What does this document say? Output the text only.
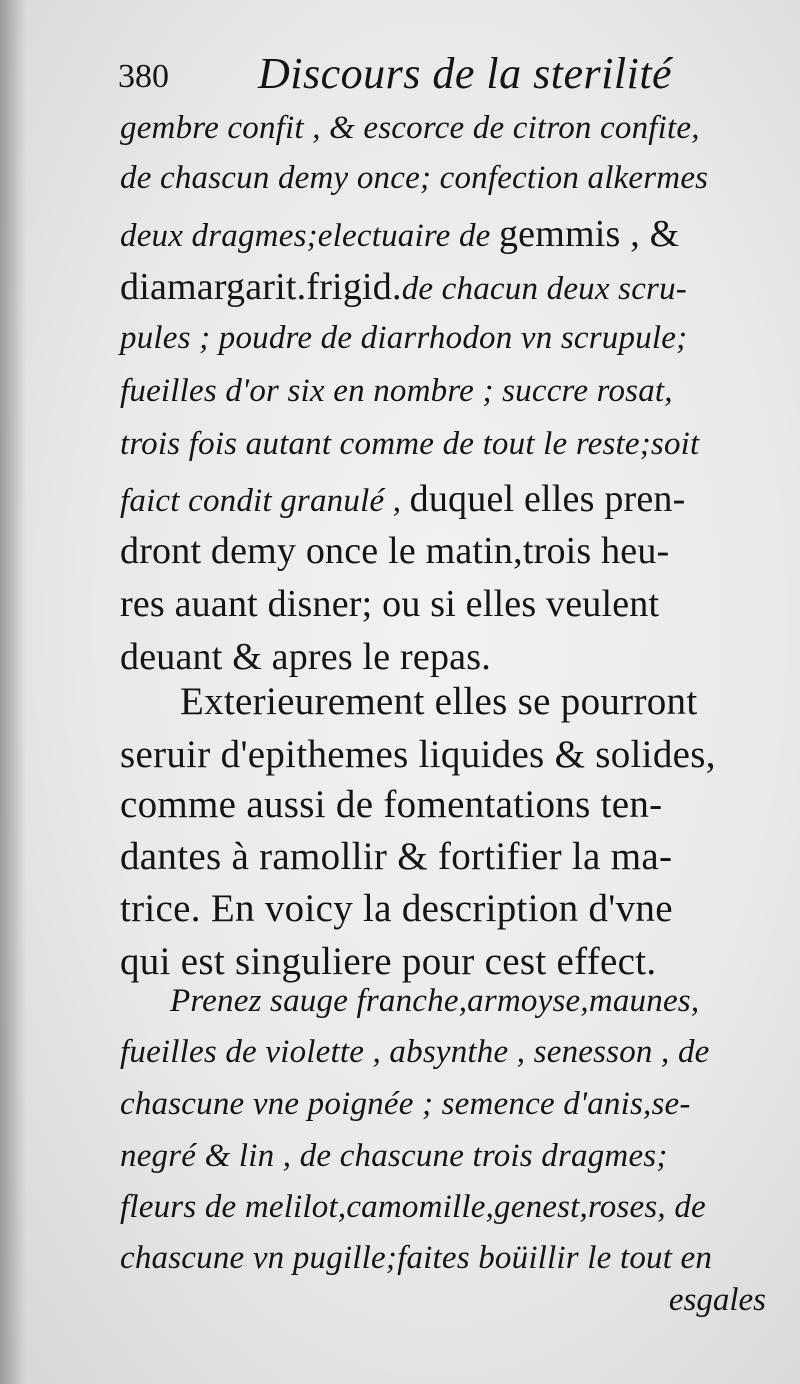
380 Discours de la sterilité
gembre confit , & escorce de citron confite,
de chascun demy once; confection alkermes
deux dragmes;electuaire de gemmis , &
diamargarit.frigid.de chacun deux scru-
pules ; poudre de diarrhodon vn scrupule;
fueilles d'or six en nombre ; succre rosat,
trois fois autant comme de tout le reste;soit
faict condit granulé , duquel elles pren-
dront demy once le matin,trois heu-
res auant disner; ou si elles veulent
deuant & apres le repas.
Exterieurement elles se pourront
seruir d'epithemes liquides & solides,
comme aussi de fomentations ten-
dantes à ramollir & fortifier la ma-
trice. En voicy la description d'vne
qui est singuliere pour cest effect.
Prenez sauge franche,armoyse,maunes,
fueilles de violette , absynthe , senesson , de
chascune vne poignée ; semence d'anis,se-
negré & lin , de chascune trois dragmes;
fleurs de melilot,camomille,genest,roses, de
chascune vn pugille;faites boüillir le tout en
esgales
